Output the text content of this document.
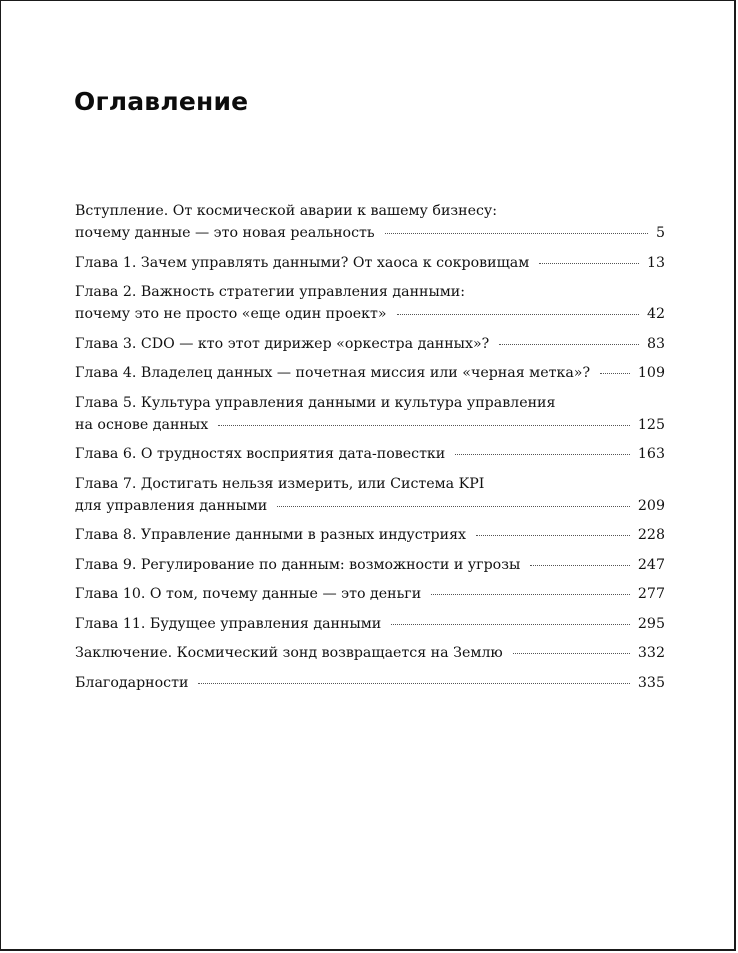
Оглавление
Вступление. От космической аварии к вашему бизнесу:
почему данные — это новая реальность	5
Глава 1. Зачем управлять данными? От хаоса к сокровищам	13
Глава 2. Важность стратегии управления данными:
почему это не просто «еще один проект»	42
Глава 3. CDO — кто этот дирижер «оркестра данных»?	83
Глава 4. Владелец данных — почетная миссия или «черная метка»?	109
Глава 5. Культура управления данными и культура управления
на основе данных	125
Глава 6. О трудностях восприятия дата-повестки	163
Глава 7. Достигать нельзя измерить, или Система KPI
для управления данными	209
Глава 8. Управление данными в разных индустриях	228
Глава 9. Регулирование по данным: возможности и угрозы	247
Глава 10. О том, почему данные — это деньги	277
Глава 11. Будущее управления данными	295
Заключение. Космический зонд возвращается на Землю	332
Благодарности	335
